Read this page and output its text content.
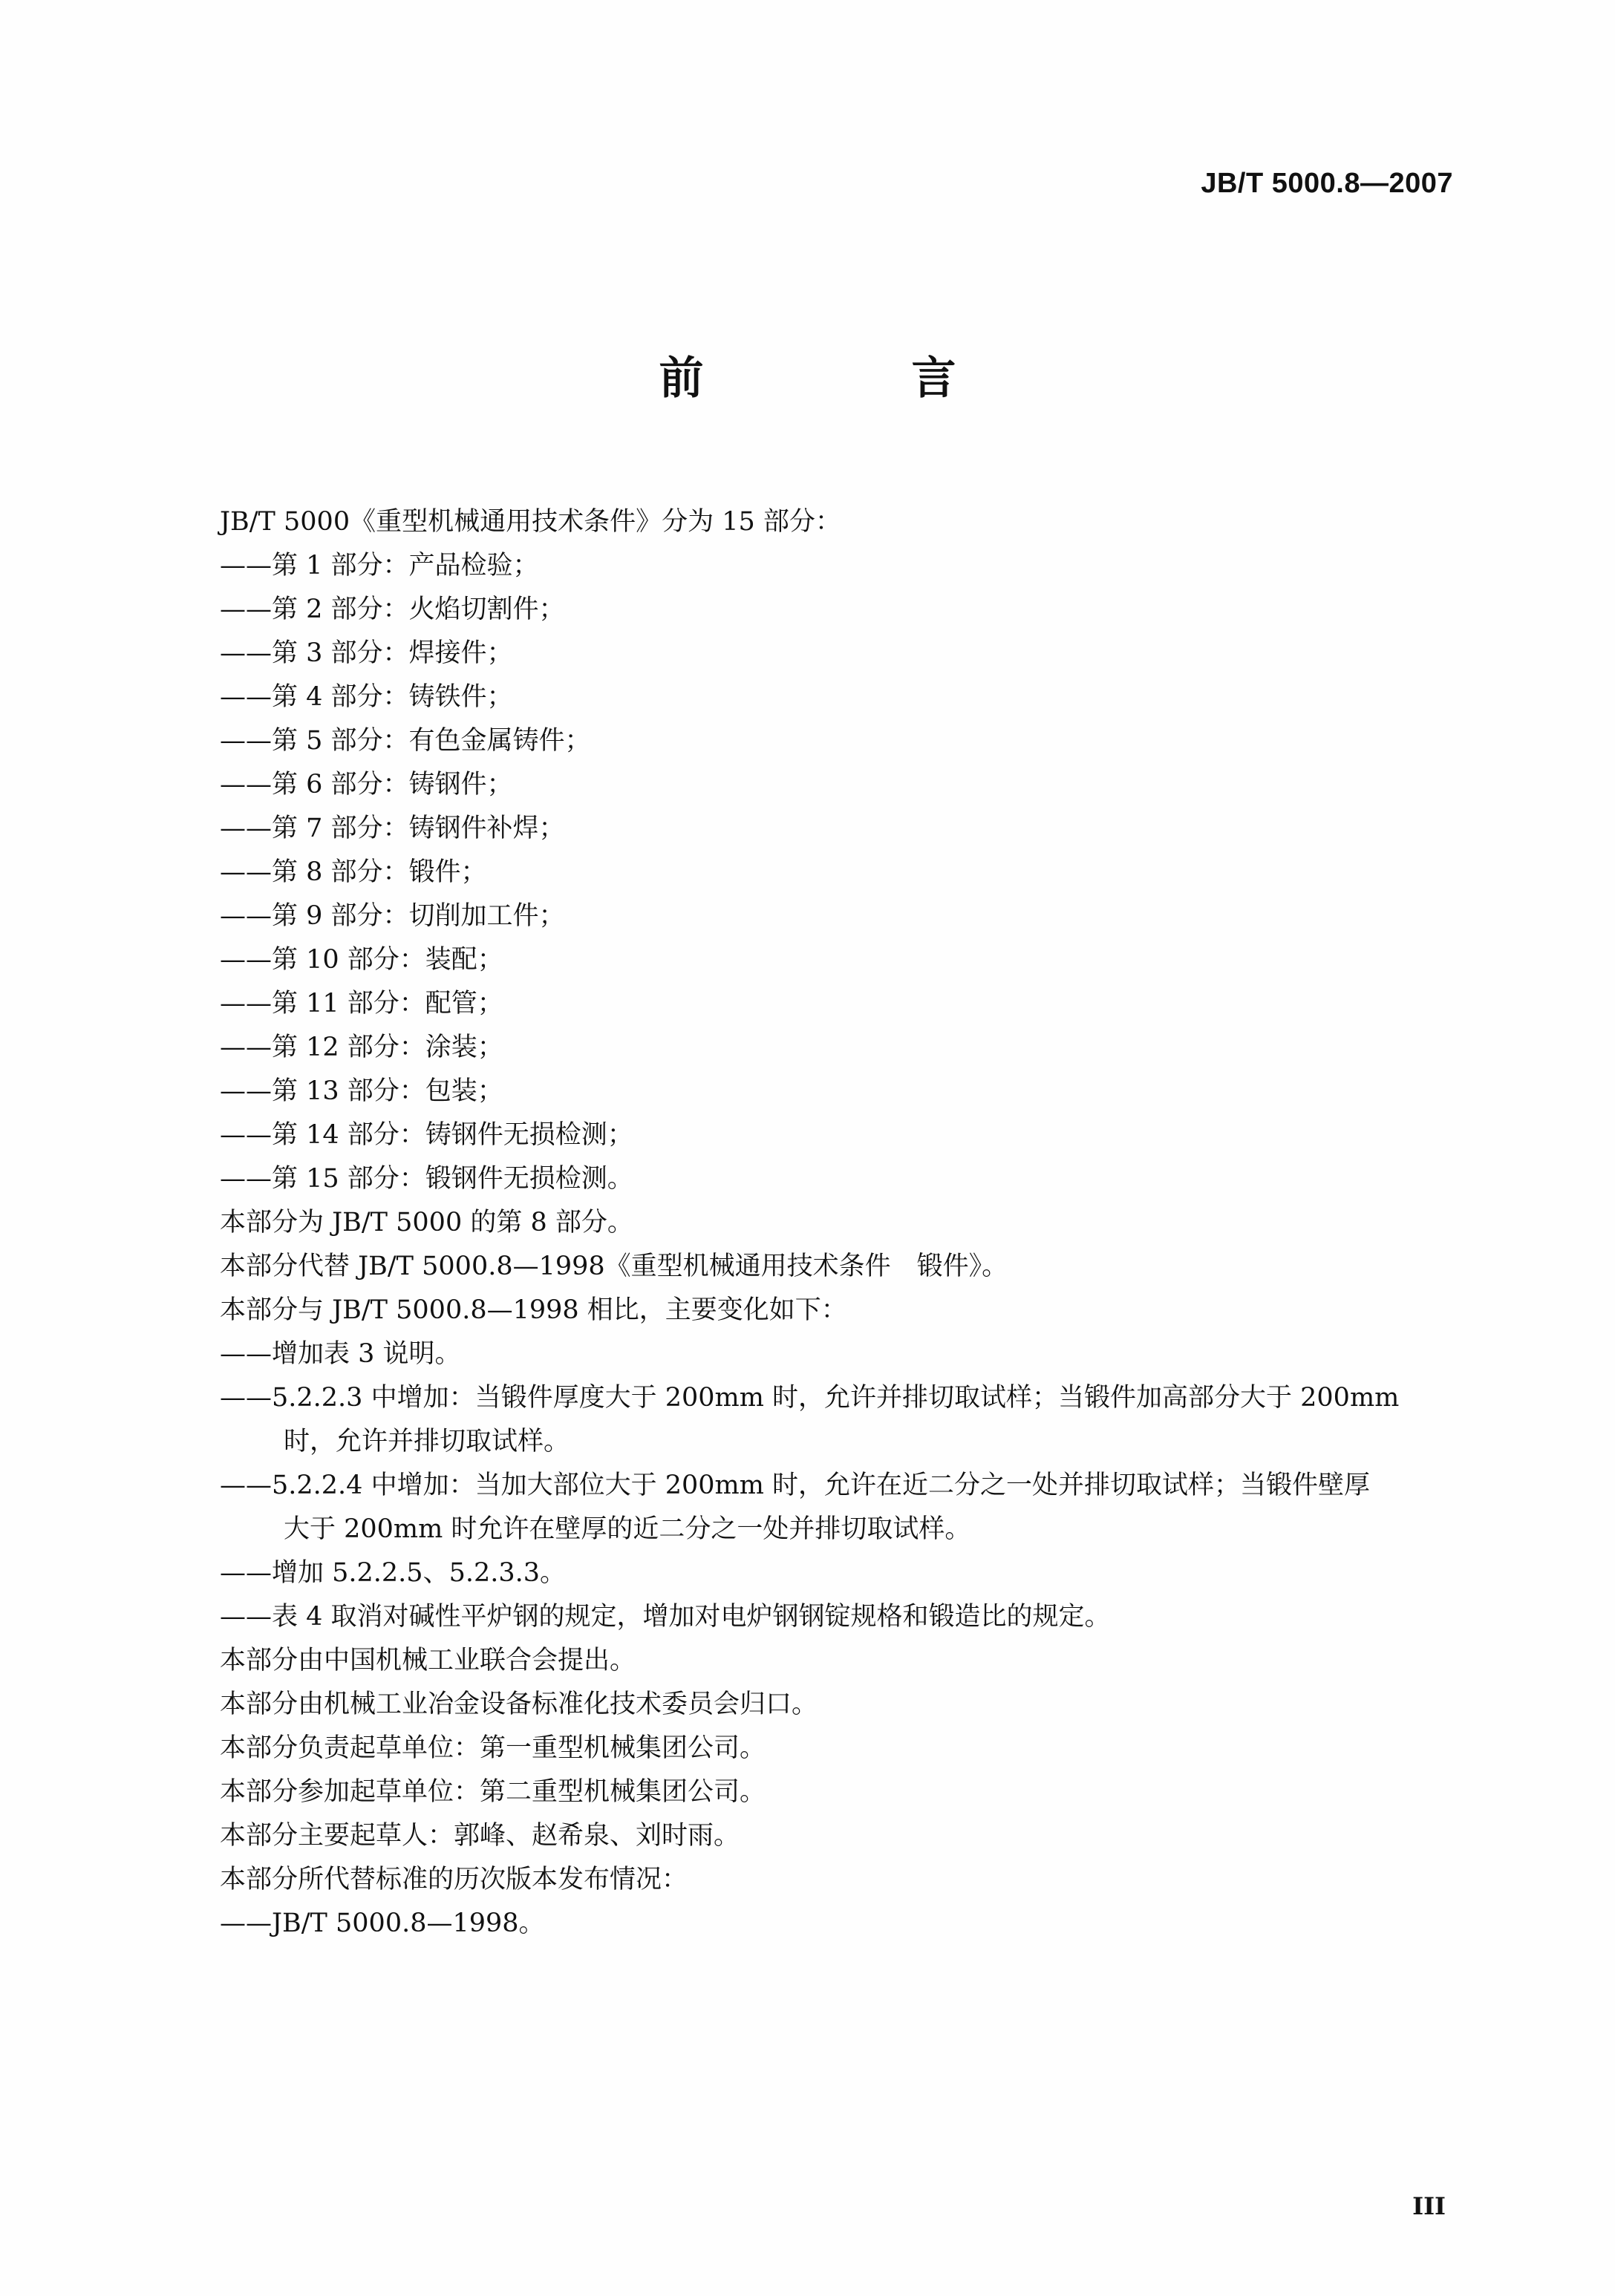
JB/T 5000.8—2007
前　言
JB/T 5000《重型机械通用技术条件》分为 15 部分：
——第 1 部分：产品检验；
——第 2 部分：火焰切割件；
——第 3 部分：焊接件；
——第 4 部分：铸铁件；
——第 5 部分：有色金属铸件；
——第 6 部分：铸钢件；
——第 7 部分：铸钢件补焊；
——第 8 部分：锻件；
——第 9 部分：切削加工件；
——第 10 部分：装配；
——第 11 部分：配管；
——第 12 部分：涂装；
——第 13 部分：包装；
——第 14 部分：铸钢件无损检测；
——第 15 部分：锻钢件无损检测。
本部分为 JB/T 5000 的第 8 部分。
本部分代替 JB/T 5000.8—1998《重型机械通用技术条件　锻件》。
本部分与 JB/T 5000.8—1998 相比，主要变化如下：
——增加表 3 说明。
——5.2.2.3 中增加：当锻件厚度大于 200mm 时，允许并排切取试样；当锻件加高部分大于 200mm
时，允许并排切取试样。
——5.2.2.4 中增加：当加大部位大于 200mm 时，允许在近二分之一处并排切取试样；当锻件壁厚
大于 200mm 时允许在壁厚的近二分之一处并排切取试样。
——增加 5.2.2.5、5.2.3.3。
——表 4 取消对碱性平炉钢的规定，增加对电炉钢钢锭规格和锻造比的规定。
本部分由中国机械工业联合会提出。
本部分由机械工业冶金设备标准化技术委员会归口。
本部分负责起草单位：第一重型机械集团公司。
本部分参加起草单位：第二重型机械集团公司。
本部分主要起草人：郭峰、赵希泉、刘时雨。
本部分所代替标准的历次版本发布情况：
——JB/T 5000.8—1998。
III
